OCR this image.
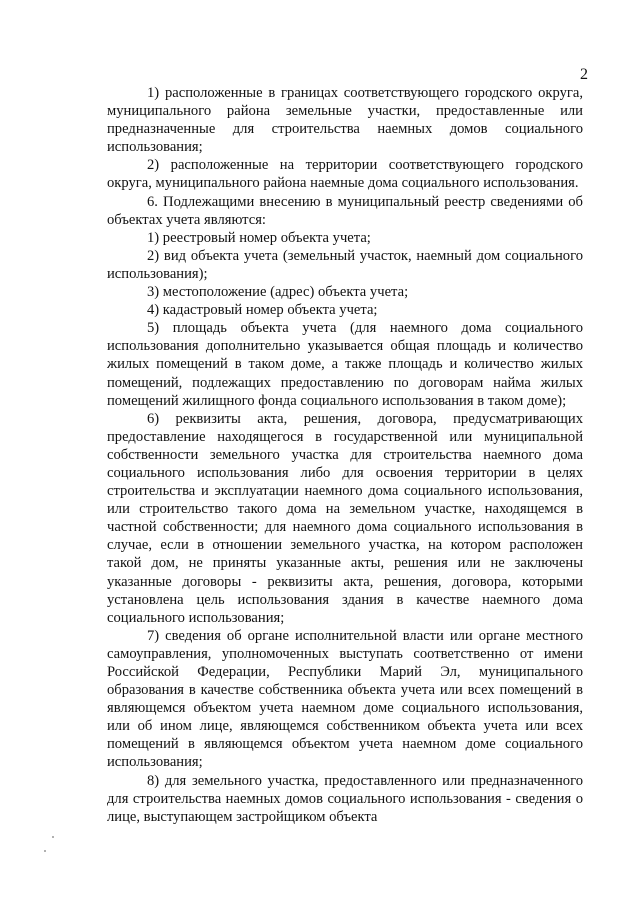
2

1) расположенные в границах соответствующего городского округа, муниципального района земельные участки, предоставленные или предназначенные для строительства наемных домов социального использования;

2) расположенные на территории соответствующего городского округа, муниципального района наемные дома социального использования.

6. Подлежащими внесению в муниципальный реестр сведениями об объектах учета являются:

1) реестровый номер объекта учета;

2) вид объекта учета (земельный участок, наемный дом социального использования);

3) местоположение (адрес) объекта учета;

4) кадастровый номер объекта учета;

5) площадь объекта учета (для наемного дома социального использования дополнительно указывается общая площадь и количество жилых помещений в таком доме, а также площадь и количество жилых помещений, подлежащих предоставлению по договорам найма жилых помещений жилищного фонда социального использования в таком доме);

6) реквизиты акта, решения, договора, предусматривающих предоставление находящегося в государственной или муниципальной собственности земельного участка для строительства наемного дома социального использования либо для освоения территории в целях строительства и эксплуатации наемного дома социального использования, или строительство такого дома на земельном участке, находящемся в частной собственности; для наемного дома социального использования в случае, если в отношении земельного участка, на котором расположен такой дом, не приняты указанные акты, решения или не заключены указанные договоры - реквизиты акта, решения, договора, которыми установлена цель использования здания в качестве наемного дома социального использования;

7) сведения об органе исполнительной власти или органе местного самоуправления, уполномоченных выступать соответственно от имени Российской Федерации, Республики Марий Эл, муниципального образования в качестве собственника объекта учета или всех помещений в являющемся объектом учета наемном доме социального использования, или об ином лице, являющемся собственником объекта учета или всех помещений в являющемся объектом учета наемном доме социального использования;

8) для земельного участка, предоставленного или предназначенного для строительства наемных домов социального использования - сведения о лице, выступающем застройщиком объекта
